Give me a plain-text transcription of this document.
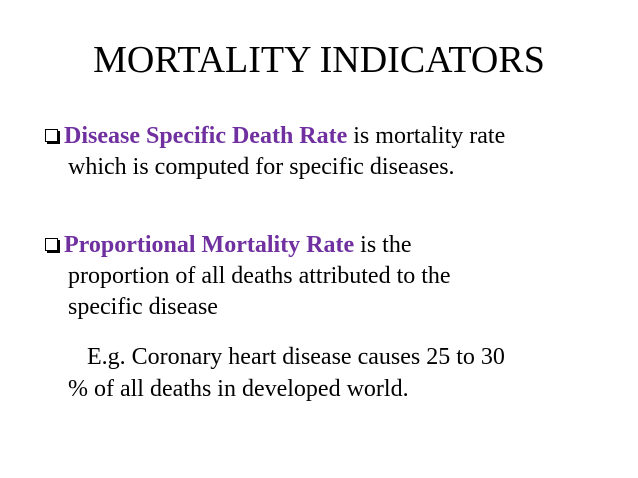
MORTALITY INDICATORS
Disease Specific Death Rate is mortality rate
which is computed for specific diseases.
Proportional Mortality Rate is the
proportion of all deaths attributed to the
specific disease
E.g. Coronary heart disease causes 25 to 30
% of all deaths in developed world.
